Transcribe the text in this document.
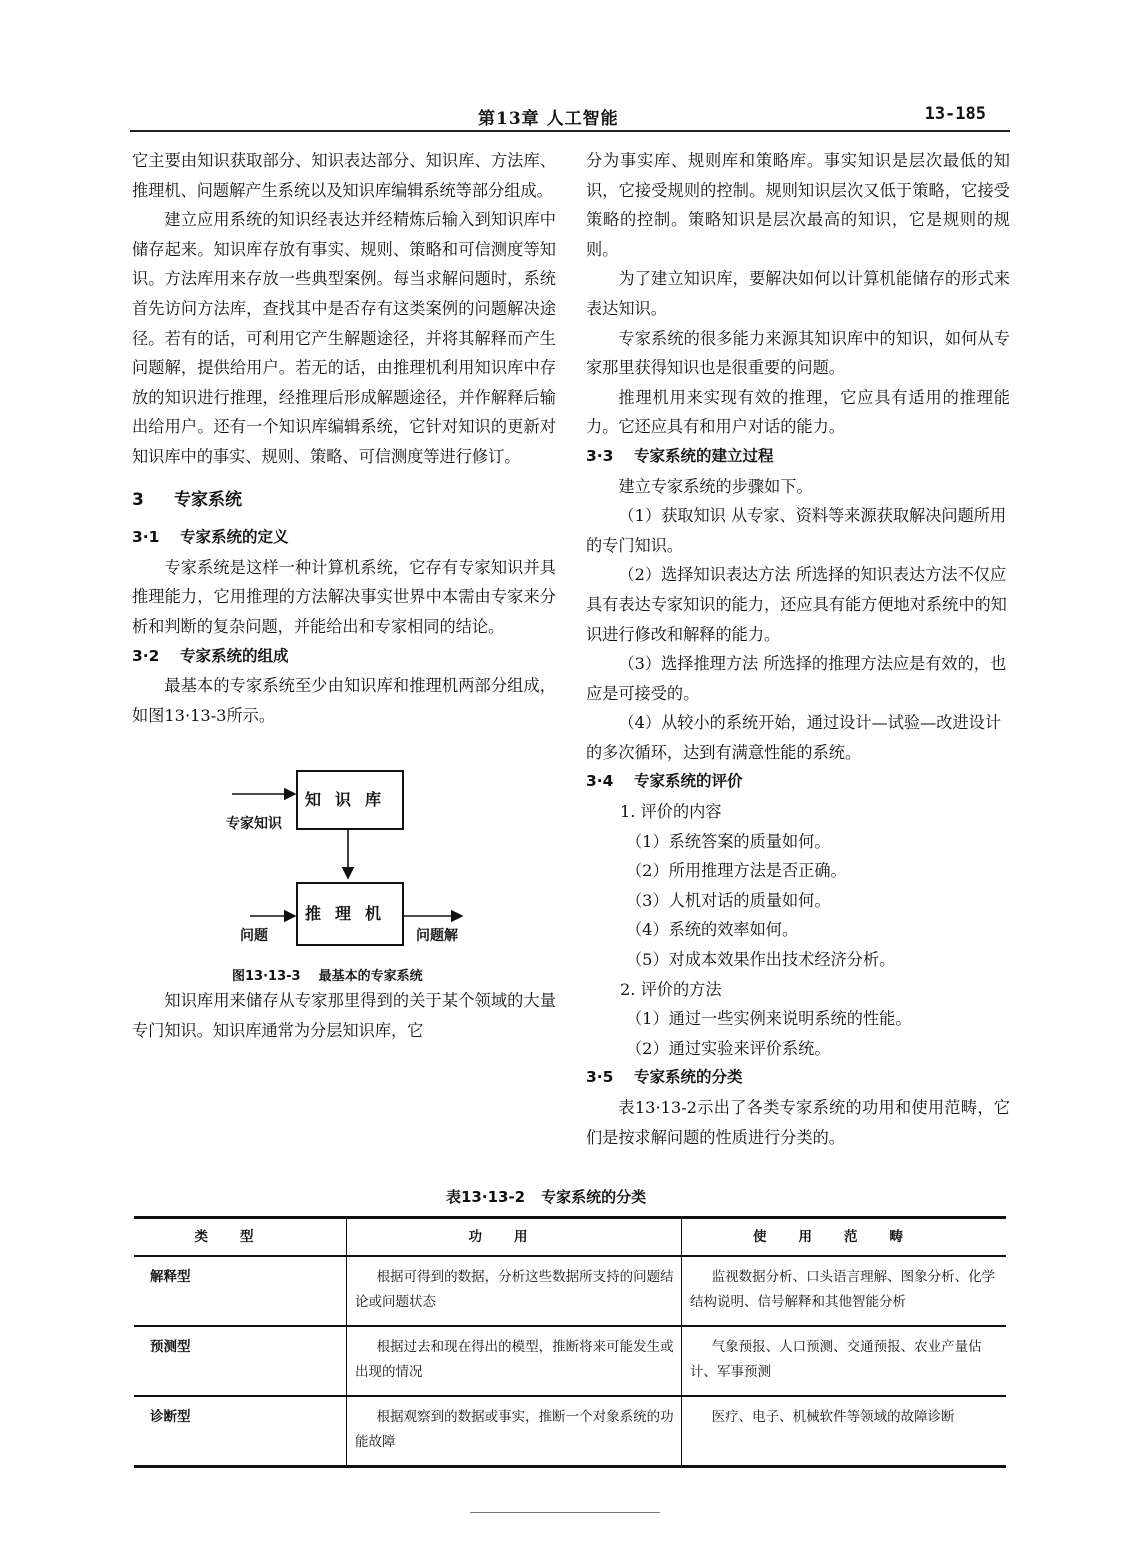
第13章 人工智能	13-185

它主要由知识获取部分、知识表达部分、知识库、方法库、推理机、问题解产生系统以及知识库编辑系统等部分组成。

建立应用系统的知识经表达并经精炼后输入到知识库中储存起来。知识库存放有事实、规则、策略和可信测度等知识。方法库用来存放一些典型案例。每当求解问题时，系统首先访问方法库，查找其中是否存有这类案例的问题解决途径。若有的话，可利用它产生解题途径，并将其解释而产生问题解，提供给用户。若无的话，由推理机利用知识库中存放的知识进行推理，经推理后形成解题途径，并作解释后输出给用户。还有一个知识库编辑系统，它针对知识的更新对知识库中的事实、规则、策略、可信测度等进行修订。

3 专家系统
3·1 专家系统的定义

专家系统是这样一种计算机系统，它存有专家知识并具推理能力，它用推理的方法解决事实世界中本需由专家来分析和判断的复杂问题，并能给出和专家相同的结论。

3·2 专家系统的组成

最基本的专家系统至少由知识库和推理机两部分组成，如图13·13-3所示。

知识库
推理机
专家知识
问题	问题解
图13·13-3 最基本的专家系统

知识库用来储存从专家那里得到的关于某个领域的大量专门知识。知识库通常为分层知识库，它

分为事实库、规则库和策略库。事实知识是层次最低的知识，它接受规则的控制。规则知识层次又低于策略，它接受策略的控制。策略知识是层次最高的知识，它是规则的规则。

为了建立知识库，要解决如何以计算机能储存的形式来表达知识。

专家系统的很多能力来源其知识库中的知识，如何从专家那里获得知识也是很重要的问题。

推理机用来实现有效的推理，它应具有适用的推理能力。它还应具有和用户对话的能力。

3·3 专家系统的建立过程

建立专家系统的步骤如下。

（1）获取知识 从专家、资料等来源获取解决问题所用的专门知识。

（2）选择知识表达方法 所选择的知识表达方法不仅应具有表达专家知识的能力，还应具有能方便地对系统中的知识进行修改和解释的能力。

（3）选择推理方法 所选择的推理方法应是有效的，也应是可接受的。

（4）从较小的系统开始，通过设计—试验—改进设计的多次循环，达到有满意性能的系统。

3·4 专家系统的评价

1. 评价的内容

（1）系统答案的质量如何。

（2）所用推理方法是否正确。

（3）人机对话的质量如何。

（4）系统的效率如何。

（5）对成本效果作出技术经济分析。

2. 评价的方法

（1）通过一些实例来说明系统的性能。

（2）通过实验来评价系统。

3·5 专家系统的分类

表13·13-2示出了各类专家系统的功用和使用范畴，它们是按求解问题的性质进行分类的。

表13·13-2 专家系统的分类
类型	功用	使用范畴
解释型	根据可得到的数据，分析这些数据所支持的问题结论或问题状态	监视数据分析、口头语言理解、图象分析、化学结构说明、信号解释和其他智能分析

预测型	根据过去和现在得出的模型，推断将来可能发生或出现的情况	气象预报、人口预测、交通预报、农业产量估计、军事预测

诊断型	根据观察到的数据或事实，推断一个对象系统的功能故障	医疗、电子、机械软件等领域的故障诊断
